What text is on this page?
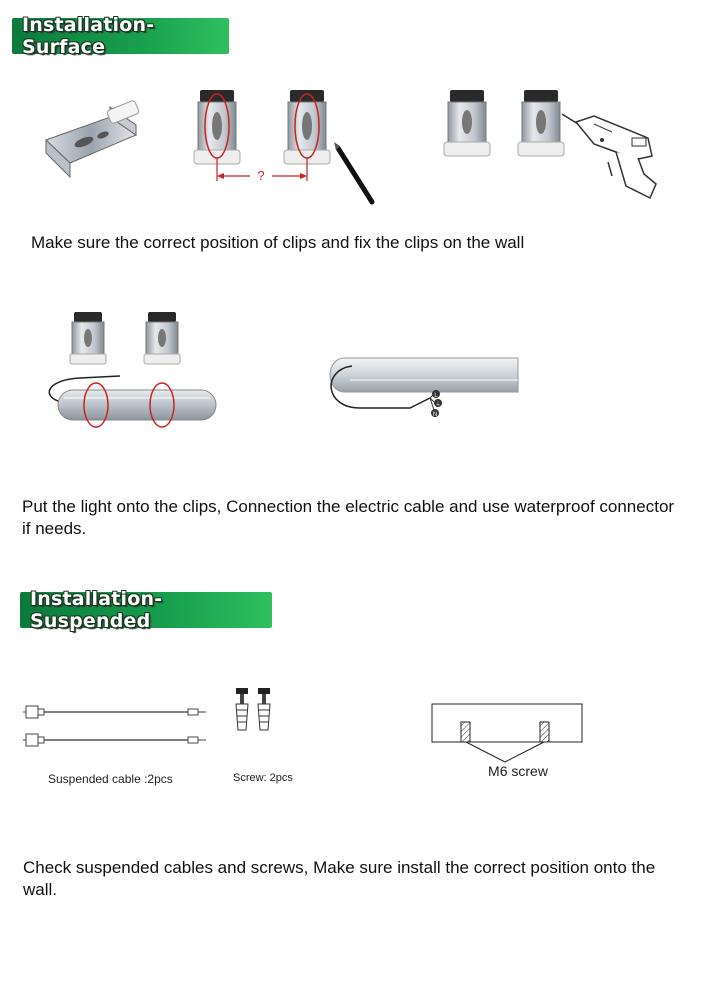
Installation-Surface
?

Make sure the correct position of clips and fix the clips on the wall

L
⏚
N

Put the light onto the clips, Connection the electric cable and use waterproof connector if needs.

Installation-Suspended
Suspended cable :2pcs	Screw: 2pcs	M6 screw

Check suspended cables and screws, Make sure install the correct position onto the wall.
